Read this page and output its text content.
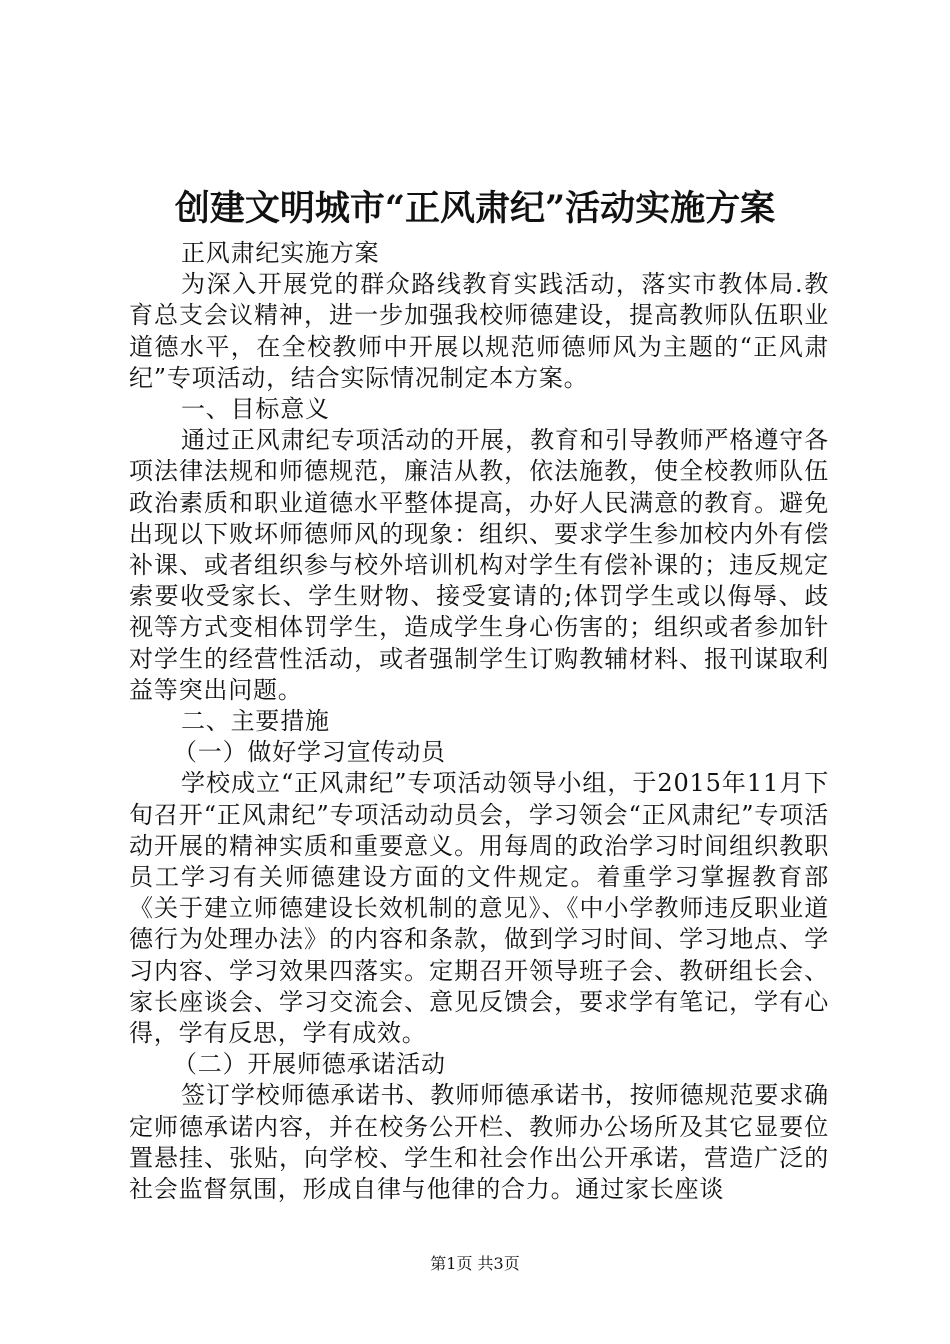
创建文明城市“正风肃纪”活动实施方案

正风肃纪实施方案

为深入开展党的群众路线教育实践活动，落实市教体局.教育总支会议精神，进一步加强我校师德建设，提高教师队伍职业道德水平，在全校教师中开展以规范师德师风为主题的“正风肃纪”专项活动，结合实际情况制定本方案。

一、目标意义

通过正风肃纪专项活动的开展，教育和引导教师严格遵守各项法律法规和师德规范，廉洁从教，依法施教，使全校教师队伍政治素质和职业道德水平整体提高，办好人民满意的教育。避免出现以下败坏师德师风的现象：组织、要求学生参加校内外有偿补课、或者组织参与校外培训机构对学生有偿补课的；违反规定索要收受家长、学生财物、接受宴请的;体罚学生或以侮辱、歧视等方式变相体罚学生，造成学生身心伤害的；组织或者参加针对学生的经营性活动，或者强制学生订购教辅材料、报刊谋取利益等突出问题。

二、主要措施

（一）做好学习宣传动员

学校成立“正风肃纪”专项活动领导小组，于2015年11月下旬召开“正风肃纪”专项活动动员会，学习领会“正风肃纪”专项活动开展的精神实质和重要意义。用每周的政治学习时间组织教职员工学习有关师德建设方面的文件规定。着重学习掌握教育部《关于建立师德建设长效机制的意见》、《中小学教师违反职业道德行为处理办法》的内容和条款，做到学习时间、学习地点、学习内容、学习效果四落实。定期召开领导班子会、教研组长会、家长座谈会、学习交流会、意见反馈会，要求学有笔记，学有心得，学有反思，学有成效。

（二）开展师德承诺活动

签订学校师德承诺书、教师师德承诺书，按师德规范要求确定师德承诺内容，并在校务公开栏、教师办公场所及其它显要位置悬挂、张贴，向学校、学生和社会作出公开承诺，营造广泛的社会监督氛围，形成自律与他律的合力。通过家长座谈

第1页 共3页
